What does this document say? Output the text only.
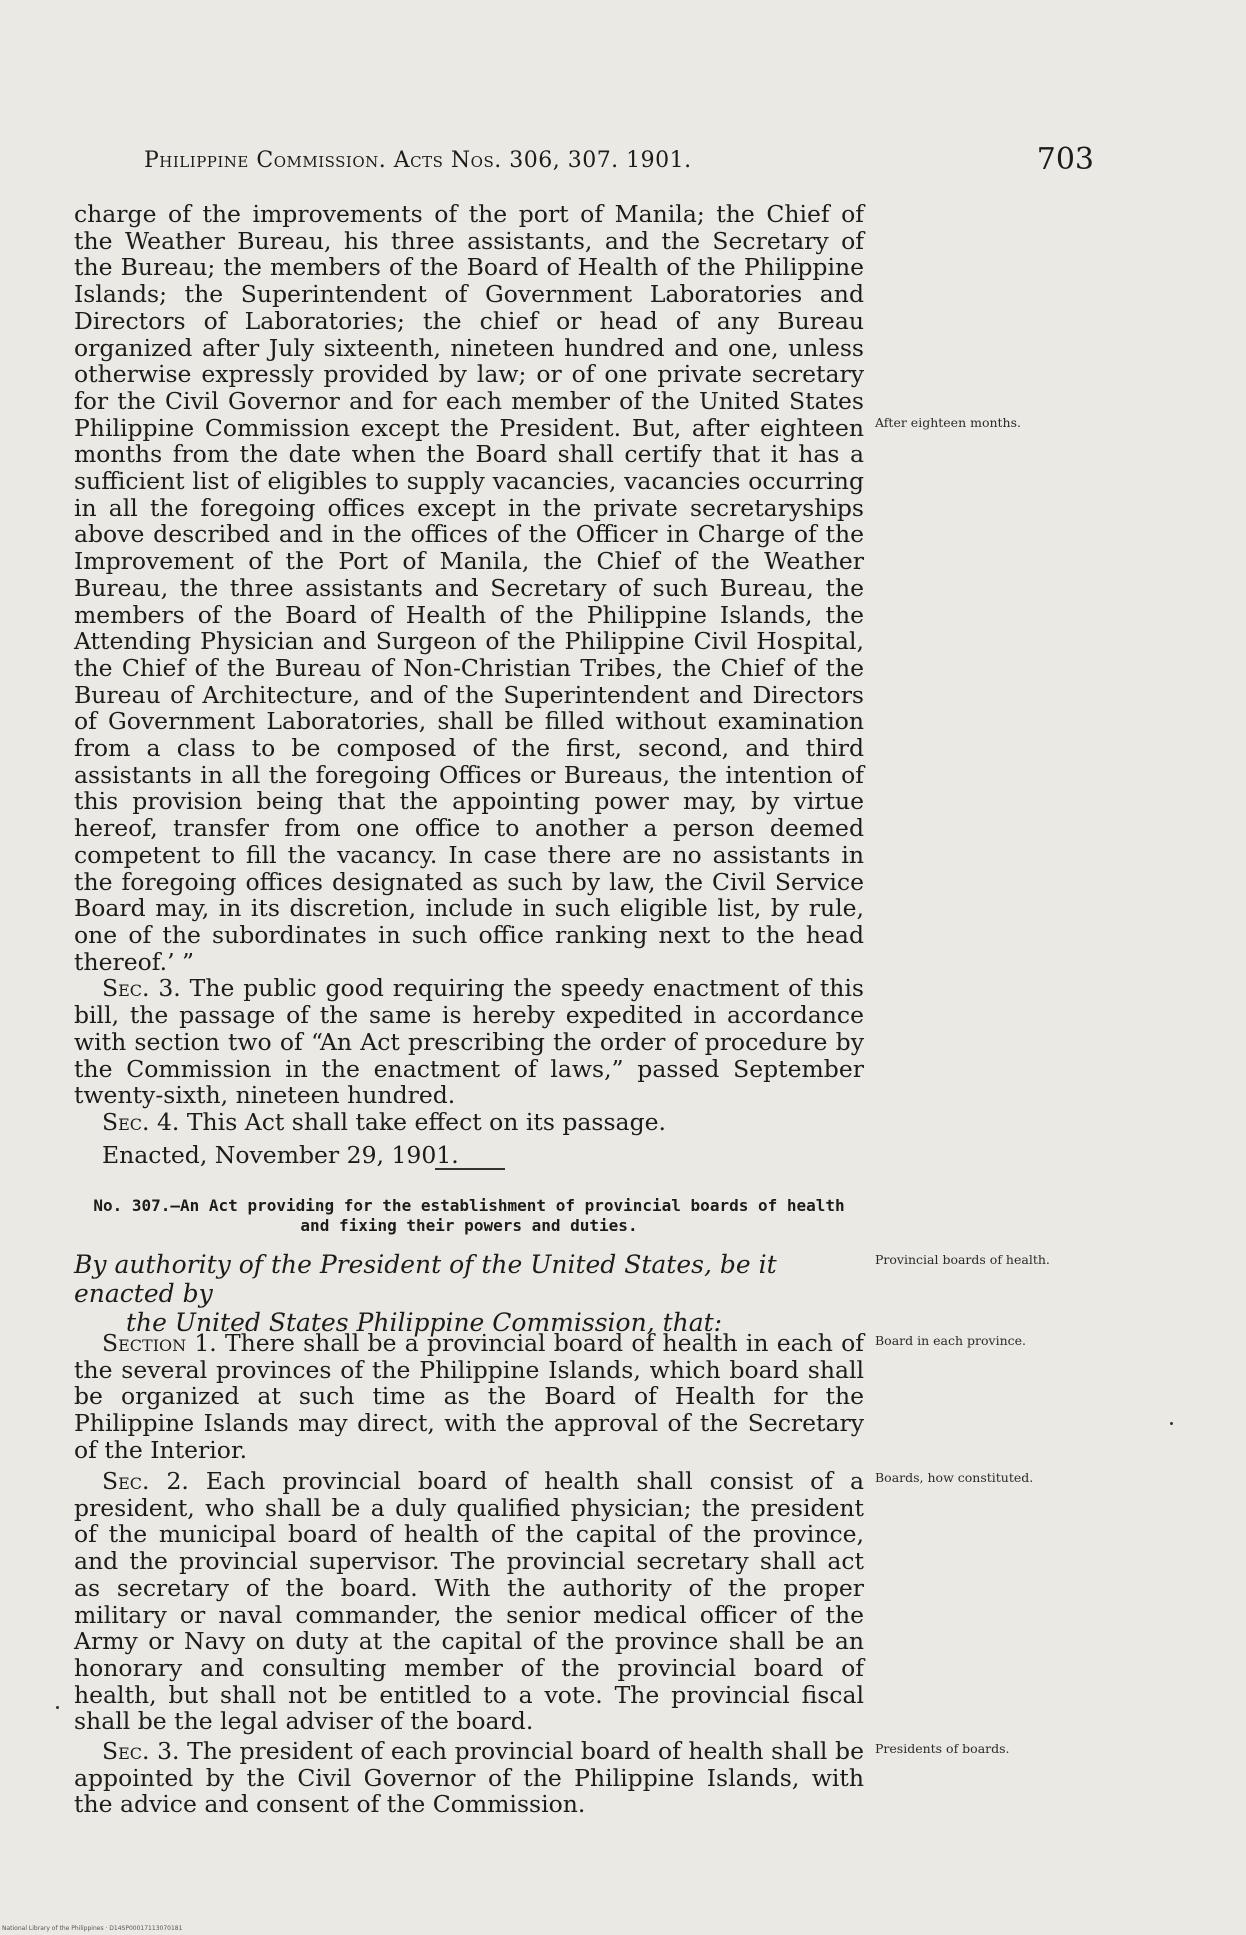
Philippine Commission. Acts Nos. 306, 307. 1901.	703

charge of the improvements of the port of Manila; the Chief of the Weather Bureau, his three assistants, and the Secretary of the Bureau; the members of the Board of Health of the Philippine Islands; the Superintendent of Government Laboratories and Directors of Laboratories; the chief or head of any Bureau organized after July sixteenth, nineteen hundred and one, unless otherwise expressly provided by law; or of one private secretary for the Civil Governor and for each member of the United States Philippine Commission except the President. But, after eighteen months from the date when the Board shall certify that it has a sufficient list of eligibles to supply vacancies, vacancies occurring in all the foregoing offices except in the private secretaryships above described and in the offices of the Officer in Charge of the Improvement of the Port of Manila, the Chief of the Weather Bureau, the three assistants and Secretary of such Bureau, the members of the Board of Health of the Philippine Islands, the Attending Physician and Surgeon of the Philippine Civil Hospital, the Chief of the Bureau of Non-Christian Tribes, the Chief of the Bureau of Architecture, and of the Superintendent and Directors of Government Laboratories, shall be filled without examination from a class to be composed of the first, second, and third assistants in all the foregoing Offices or Bureaus, the intention of this provision being that the appointing power may, by virtue hereof, transfer from one office to another a person deemed competent to fill the vacancy. In case there are no assistants in the foregoing offices designated as such by law, the Civil Service Board may, in its discretion, include in such eligible list, by rule, one of the subordinates in such office ranking next to the head thereof.’ ”

Sec. 3. The public good requiring the speedy enactment of this bill, the passage of the same is hereby expedited in accordance with section two of “An Act prescribing the order of procedure by the Commission in the enactment of laws,” passed September twenty-sixth, nineteen hundred.

Sec. 4. This Act shall take effect on its passage.

Enacted, November 29, 1901.

After eighteen months.
No. 307.—An Act providing for the establishment of provincial boards of health
and fixing their powers and duties.
By authority of the President of the United States, be it enacted by
the United States Philippine Commission, that:
Provincial boards of health.

Section 1. There shall be a provincial board of health in each of the several provinces of the Philippine Islands, which board shall be organized at such time as the Board of Health for the Philippine Islands may direct, with the approval of the Secretary of the Interior.

Board in each province.

Sec. 2. Each provincial board of health shall consist of a president, who shall be a duly qualified physician; the president of the municipal board of health of the capital of the province, and the provincial supervisor. The provincial secretary shall act as secretary of the board. With the authority of the proper military or naval commander, the senior medical officer of the Army or Navy on duty at the capital of the province shall be an honorary and consulting member of the provincial board of health, but shall not be entitled to a vote. The provincial fiscal shall be the legal adviser of the board.

Boards, how constituted.

Sec. 3. The president of each provincial board of health shall be appointed by the Civil Governor of the Philippine Islands, with the advice and consent of the Commission.

Presidents of boards.
National Library of the Philippines · D14SP00017113070181
